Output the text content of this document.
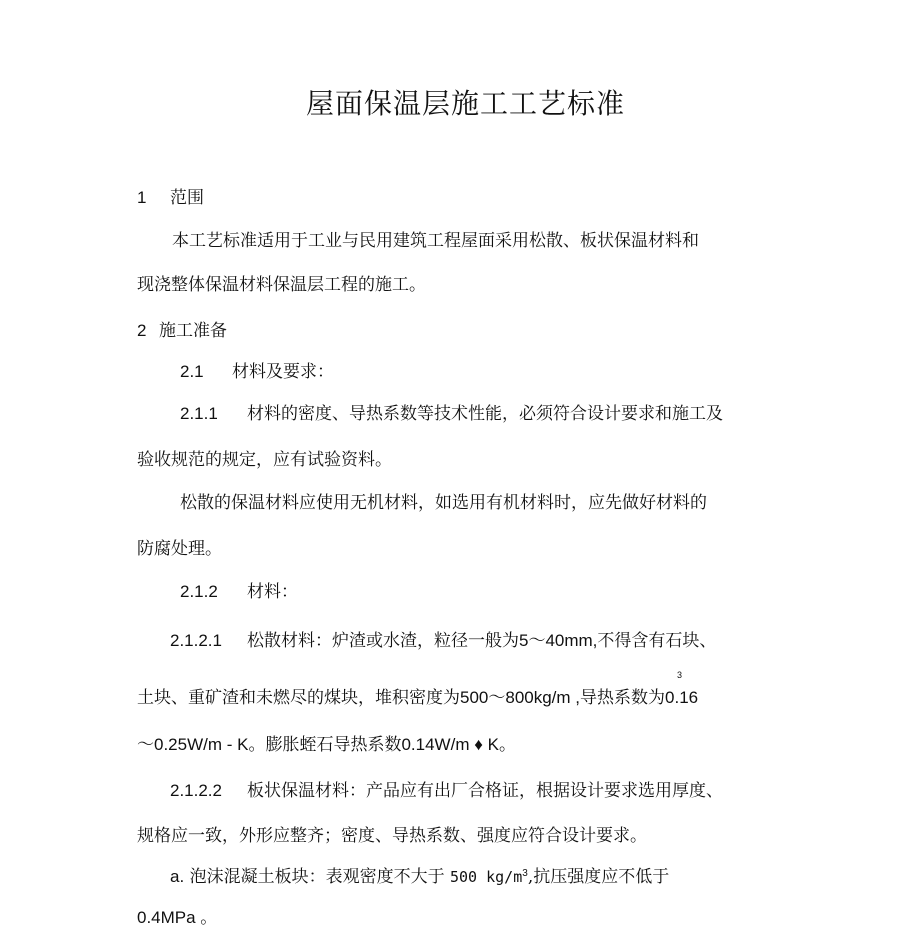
屋面保温层施工工艺标准
1 范围
本工艺标准适用于工业与民用建筑工程屋面采用松散、板状保温材料和
现浇整体保温材料保温层工程的施工。
2 施工准备
2.1 材料及要求：
2.1.1 材料的密度、导热系数等技术性能，必须符合设计要求和施工及
验收规范的规定，应有试验资料。
松散的保温材料应使用无机材料，如选用有机材料时，应先做好材料的
防腐处理。
2.1.2 材料：
2.1.2.1 松散材料：炉渣或水渣，粒径一般为5〜40mm,不得含有石块、
3
土块、重矿渣和未燃尽的煤块，堆积密度为500〜800kg/m ,导热系数为0.16
〜0.25W/m - K。膨胀蛭石导热系数0.14W/m ♦ K。
2.1.2.2 板状保温材料：产品应有出厂合格证，根据设计要求选用厚度、
规格应一致，外形应整齐；密度、导热系数、强度应符合设计要求。
a. 泡沫混凝土板块：表观密度不大于 500 $kg/m^3$,抗压强度应不低于
0.4MPa 。
